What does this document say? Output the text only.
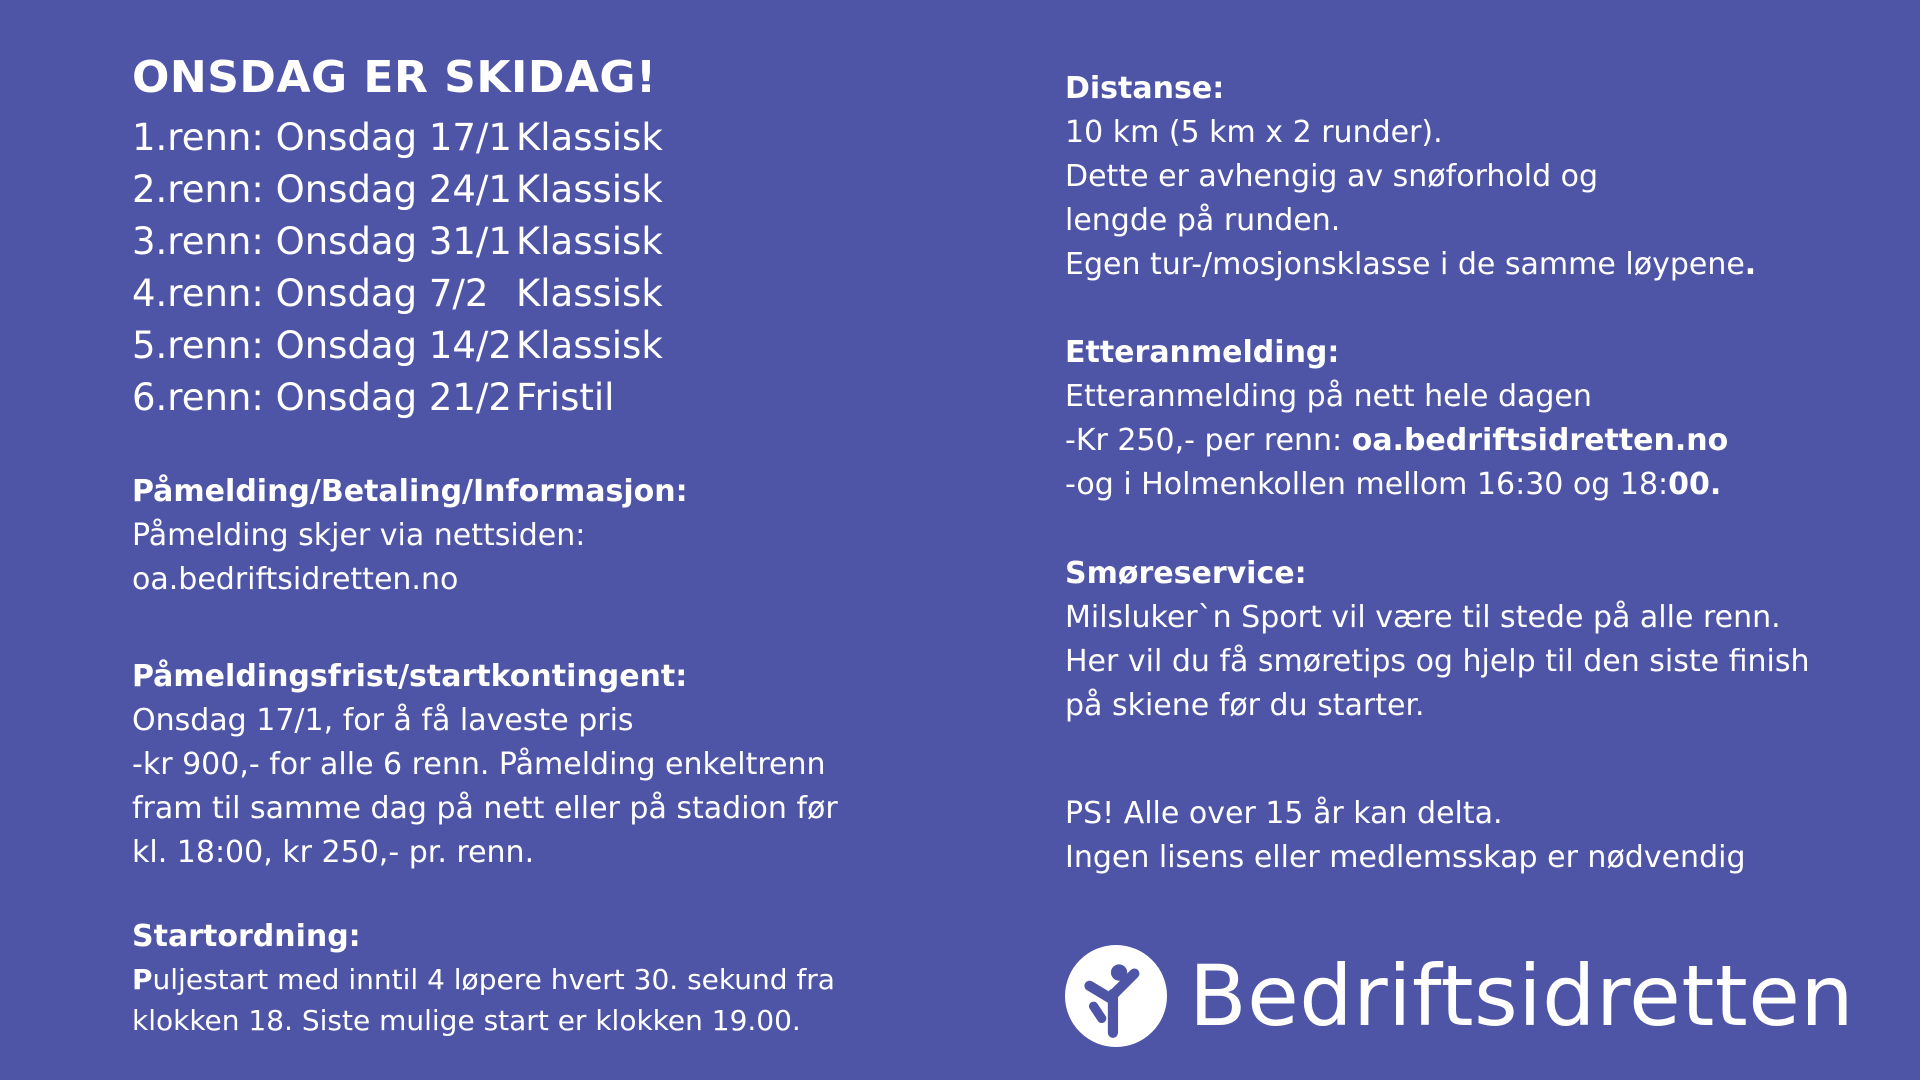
ONSDAG ER SKIDAG!
1.renn: Onsdag 17/1 Klassisk
2.renn: Onsdag 24/1 Klassisk
3.renn: Onsdag 31/1 Klassisk
4.renn: Onsdag 7/2 Klassisk
5.renn: Onsdag 14/2 Klassisk
6.renn: Onsdag 21/2 Fristil
Påmelding/Betaling/Informasjon:
Påmelding skjer via nettsiden:
oa.bedriftsidretten.no
Påmeldingsfrist/startkontingent:
Onsdag 17/1, for å få laveste pris
-kr 900,- for alle 6 renn. Påmelding enkeltrenn
fram til samme dag på nett eller på stadion før
kl. 18:00, kr 250,- pr. renn.
Startordning:
Puljestart med inntil 4 løpere hvert 30. sekund fra
klokken 18. Siste mulige start er klokken 19.00.
Distanse:
10 km (5 km x 2 runder).
Dette er avhengig av snøforhold og
lengde på runden.
Egen tur-/mosjonsklasse i de samme løypene.
Etteranmelding:
Etteranmelding på nett hele dagen
-Kr 250,- per renn: oa.bedriftsidretten.no
-og i Holmenkollen mellom 16:30 og 18:00.
Smøreservice:
Milsluker`n Sport vil være til stede på alle renn.
Her vil du få smøretips og hjelp til den siste finish
på skiene før du starter.
PS! Alle over 15 år kan delta.
Ingen lisens eller medlemsskap er nødvendig
Bedriftsidretten
